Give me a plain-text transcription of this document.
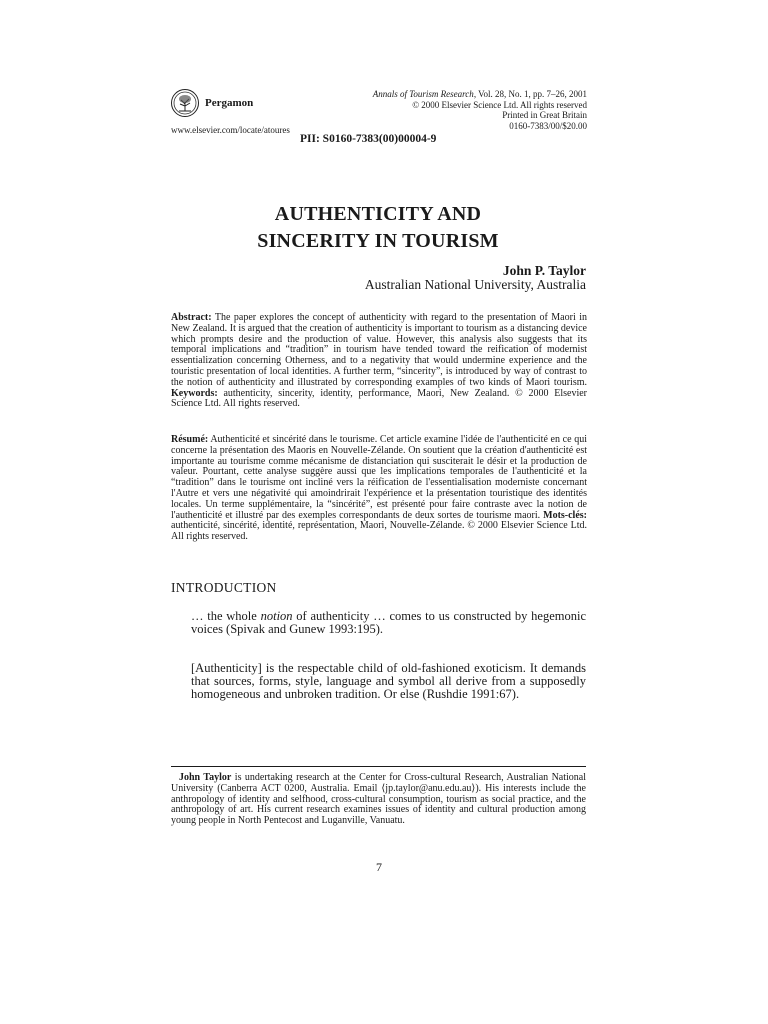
Pergamon
Annals of Tourism Research, Vol. 28, No. 1, pp. 7–26, 2001
© 2000 Elsevier Science Ltd. All rights reserved
Printed in Great Britain
0160-7383/00/$20.00
www.elsevier.com/locate/atoures
PII: S0160-7383(00)00004-9
AUTHENTICITY AND
SINCERITY IN TOURISM
John P. Taylor
Australian National University, Australia
Abstract: The paper explores the concept of authenticity with regard to the presentation of Maori in New Zealand. It is argued that the creation of authenticity is important to tourism as a distancing device which prompts desire and the production of value. However, this analysis also suggests that its temporal implications and “tradition” in tourism have tended toward the reification of modernist essentialization concerning Otherness, and to a negativity that would undermine experience and the touristic presentation of local identities. A further term, “sincerity”, is introduced by way of contrast to the notion of authenticity and illustrated by corresponding examples of two kinds of Maori tourism. Keywords: authenticity, sincerity, identity, performance, Maori, New Zealand. © 2000 Elsevier Science Ltd. All rights reserved.
Résumé: Authenticité et sincérité dans le tourisme. Cet article examine l'idée de l'authenticité en ce qui concerne la présentation des Maoris en Nouvelle-Zélande. On soutient que la création d'authenticité est importante au tourisme comme mécanisme de distanciation qui susciterait le désir et la production de valeur. Pourtant, cette analyse suggère aussi que les implications temporales de l'authenticité et la “tradition” dans le tourisme ont incliné vers la réification de l'essentialisation moderniste concernant l'Autre et vers une négativité qui amoindrirait l'expérience et la présentation touristique des identités locales. Un terme supplémentaire, la “sincérité”, est présenté pour faire contraste avec la notion de l'authenticité et illustré par des exemples correspondants de deux sortes de tourisme maori. Mots-clés: authenticité, sincérité, identité, représentation, Maori, Nouvelle-Zélande. © 2000 Elsevier Science Ltd. All rights reserved.
INTRODUCTION
… the whole notion of authenticity … comes to us constructed by hegemonic voices (Spivak and Gunew 1993:195).
[Authenticity] is the respectable child of old-fashioned exoticism. It demands that sources, forms, style, language and symbol all derive from a supposedly homogeneous and unbroken tradition. Or else (Rushdie 1991:67).
John Taylor is undertaking research at the Center for Cross-cultural Research, Australian National University (Canberra ACT 0200, Australia. Email ⟨jp.taylor@anu.edu.au⟩). His interests include the anthropology of identity and selfhood, cross-cultural consumption, tourism as social practice, and the anthropology of art. His current research examines issues of identity and cultural production among young people in North Pentecost and Luganville, Vanuatu.
7
